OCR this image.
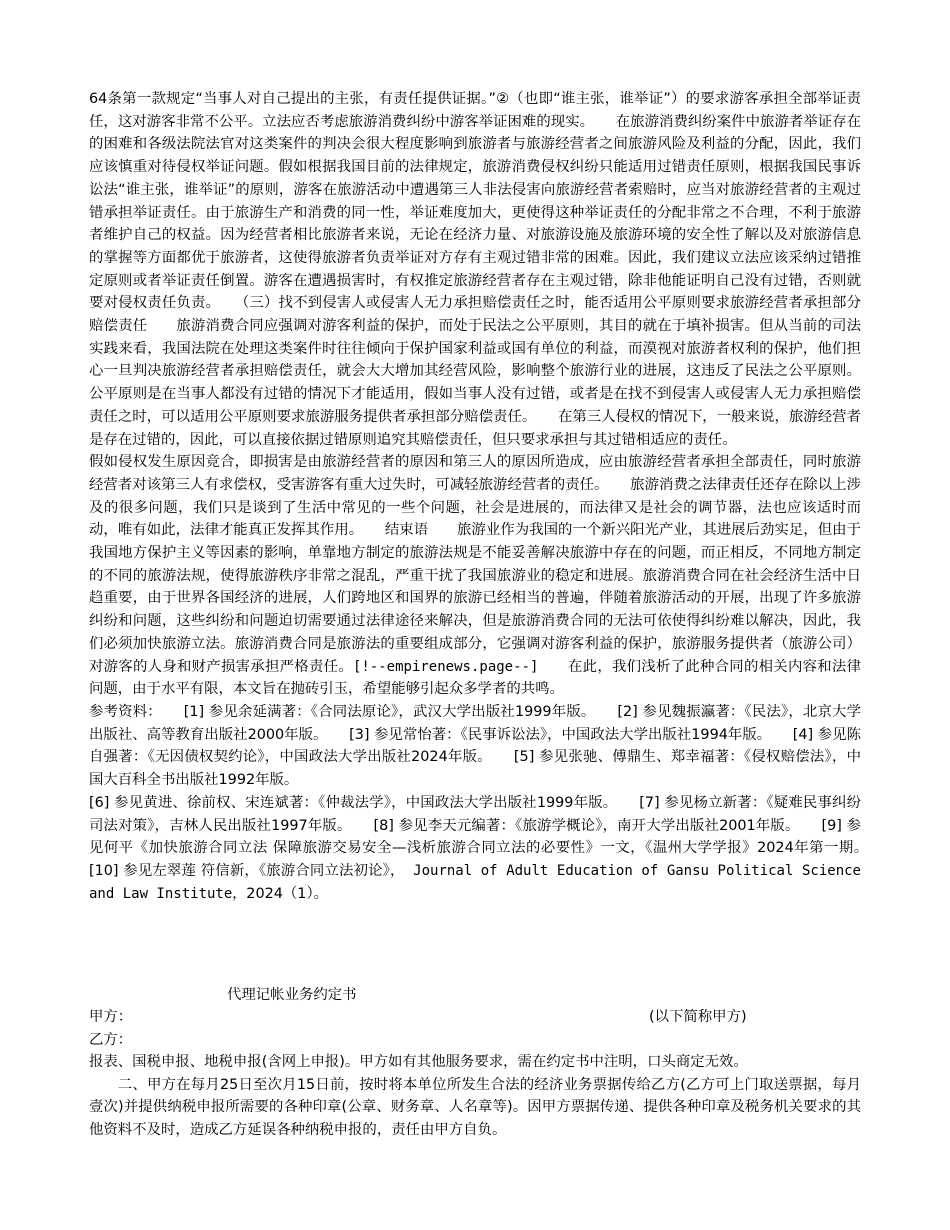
64条第一款规定“当事人对自己提出的主张，有责任提供证据。”②（也即“谁主张，谁举证”）的要求游客承担全部举证责任，这对游客非常不公平。立法应否考虑旅游消费纠纷中游客举证困难的现实。　　在旅游消费纠纷案件中旅游者举证存在的困难和各级法院法官对这类案件的判决会很大程度影响到旅游者与旅游经营者之间旅游风险及利益的分配，因此，我们应该慎重对待侵权举证问题。假如根据我国目前的法律规定，旅游消费侵权纠纷只能适用过错责任原则，根据我国民事诉讼法“谁主张，谁举证”的原则，游客在旅游活动中遭遇第三人非法侵害向旅游经营者索赔时，应当对旅游经营者的主观过错承担举证责任。由于旅游生产和消费的同一性，举证难度加大，更使得这种举证责任的分配非常之不合理，不利于旅游者维护自己的权益。因为经营者相比旅游者来说，无论在经济力量、对旅游设施及旅游环境的安全性了解以及对旅游信息的掌握等方面都优于旅游者，这使得旅游者负责举证对方存有主观过错非常的困难。因此，我们建议立法应该采纳过错推定原则或者举证责任倒置。游客在遭遇损害时，有权推定旅游经营者存在主观过错，除非他能证明自己没有过错，否则就要对侵权责任负责。　　（三）找不到侵害人或侵害人无力承担赔偿责任之时，能否适用公平原则要求旅游经营者承担部分赔偿责任　　旅游消费合同应强调对游客利益的保护，而处于民法之公平原则，其目的就在于填补损害。但从当前的司法实践来看，我国法院在处理这类案件时往往倾向于保护国家利益或国有单位的利益，而漠视对旅游者权利的保护，他们担心一旦判决旅游经营者承担赔偿责任，就会大大增加其经营风险，影响整个旅游行业的进展，这违反了民法之公平原则。公平原则是在当事人都没有过错的情况下才能适用，假如当事人没有过错，或者是在找不到侵害人或侵害人无力承担赔偿责任之时，可以适用公平原则要求旅游服务提供者承担部分赔偿责任。　　在第三人侵权的情况下，一般来说，旅游经营者是存在过错的，因此，可以直接依据过错原则追究其赔偿责任，但只要求承担与其过错相适应的责任。
假如侵权发生原因竞合，即损害是由旅游经营者的原因和第三人的原因所造成，应由旅游经营者承担全部责任，同时旅游经营者对该第三人有求偿权，受害游客有重大过失时，可减轻旅游经营者的责任。　　旅游消费之法律责任还存在除以上涉及的很多问题，我们只是谈到了生活中常见的一些个问题，社会是进展的，而法律又是社会的调节器，法也应该适时而动，唯有如此，法律才能真正发挥其作用。　　结束语　　旅游业作为我国的一个新兴阳光产业，其进展后劲实足，但由于我国地方保护主义等因素的影响，单靠地方制定的旅游法规是不能妥善解决旅游中存在的问题，而正相反，不同地方制定的不同的旅游法规，使得旅游秩序非常之混乱，严重干扰了我国旅游业的稳定和进展。旅游消费合同在社会经济生活中日趋重要，由于世界各国经济的进展，人们跨地区和国界的旅游已经相当的普遍，伴随着旅游活动的开展，出现了许多旅游纠纷和问题，这些纠纷和问题迫切需要通过法律途径来解决，但是旅游消费合同的无法可依使得纠纷难以解决，因此，我们必须加快旅游立法。旅游消费合同是旅游法的重要组成部分，它强调对游客利益的保护，旅游服务提供者（旅游公司）对游客的人身和财产损害承担严格责任。[!--empirenews.page--]　　在此，我们浅析了此种合同的相关内容和法律问题，由于水平有限，本文旨在抛砖引玉，希望能够引起众多学者的共鸣。
参考资料：　　[1] 参见余延满著：《合同法原论》，武汉大学出版社1999年版。　　[2] 参见魏振瀛著：《民法》，北京大学出版社、高等教育出版社2000年版。　　[3] 参见常怡著：《民事诉讼法》，中国政法大学出版社1994年版。　　[4] 参见陈自强著：《无因债权契约论》，中国政法大学出版社2024年版。　　[5] 参见张驰、傅鼎生、郑幸福著：《侵权赔偿法》，中国大百科全书出版社1992年版。
[6] 参见黄进、徐前权、宋连斌著：《仲裁法学》，中国政法大学出版社1999年版。　　[7] 参见杨立新著：《疑难民事纠纷司法对策》，吉林人民出版社1997年版。　　[8] 参见李天元编著：《旅游学概论》，南开大学出版社2001年版。　　[9] 参见何平《加快旅游合同立法 保障旅游交易安全—浅析旅游合同立法的必要性》一文，《温州大学学报》2024年第一期。　　[10] 参见左翠莲 符信新，《旅游合同立法初论》， Journal of Adult Education of Gansu Political Science and Law Institute，2024（1）。
代理记帐业务约定书
甲方：	(以下简称甲方)
乙方：
报表、国税申报、地税申报(含网上申报)。甲方如有其他服务要求，需在约定书中注明，口头商定无效。
二、甲方在每月25日至次月15日前，按时将本单位所发生合法的经济业务票据传给乙方(乙方可上门取送票据，每月壹次)并提供纳税申报所需要的各种印章(公章、财务章、人名章等)。因甲方票据传递、提供各种印章及税务机关要求的其他资料不及时，造成乙方延误各种纳税申报的，责任由甲方自负。
